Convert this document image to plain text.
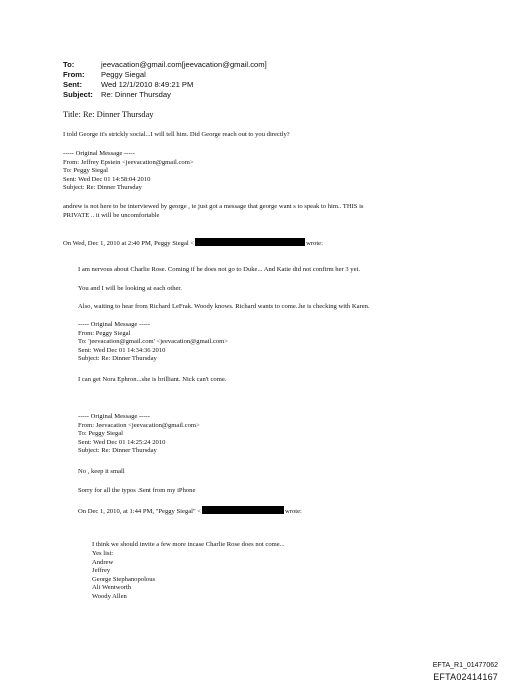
To:	jeevacation@gmail.com[jeevacation@gmail.com]
From:	Peggy Siegal
Sent:	Wed 12/1/2010 8:49:21 PM
Subject:	Re: Dinner Thursday
Title: Re: Dinner Thursday
I told George it's strickly social...I will tell him. Did George reach out to you directly?
----- Original Message -----
From: Jeffrey Epstein <jeevacation@gmail.com>
To: Peggy Siegal
Sent: Wed Dec 01 14:58:04 2010
Subject: Re: Dinner Thursday
andrew is not here to be interviewed by george , ie just got a message that george want s to speak to him.. THIS is
PRIVATE .. it will be uncomfortable
On Wed, Dec 1, 2010 at 2:40 PM, Peggy Siegal <	wrote:
I am nervous about Charlie Rose. Coming if he does not go to Duke... And Katie did not confirm her 3 yet.
You and I will be looking at each other.
Also, waiting to hear from Richard LeFrak. Woody knows. Richard wants to come..he is checking with Karen.
----- Original Message -----
From: Peggy Siegal
To: 'jeevacation@gmail.com' <jeevacation@gmail.com>
Sent: Wed Dec 01 14:34:36 2010
Subject: Re: Dinner Thursday
I can get Nora Ephron...she is brilliant. Nick can't come.
----- Original Message -----
From: Jeevacation <jeevacation@gmail.com>
To: Peggy Siegal
Sent: Wed Dec 01 14:25:24 2010
Subject: Re: Dinner Thursday
No , keep it small
Sorry for all the typos .Sent from my iPhone
On Dec 1, 2010, at 1:44 PM, "Peggy Siegal" <	wrote:
I think we should invite a few more incase Charlie Rose does not come...
Yes list:
Andrew
Jeffrey
George Stephanopolous
Ali Wentworth
Woody Allen
EFTA_R1_01477062
EFTA02414167
